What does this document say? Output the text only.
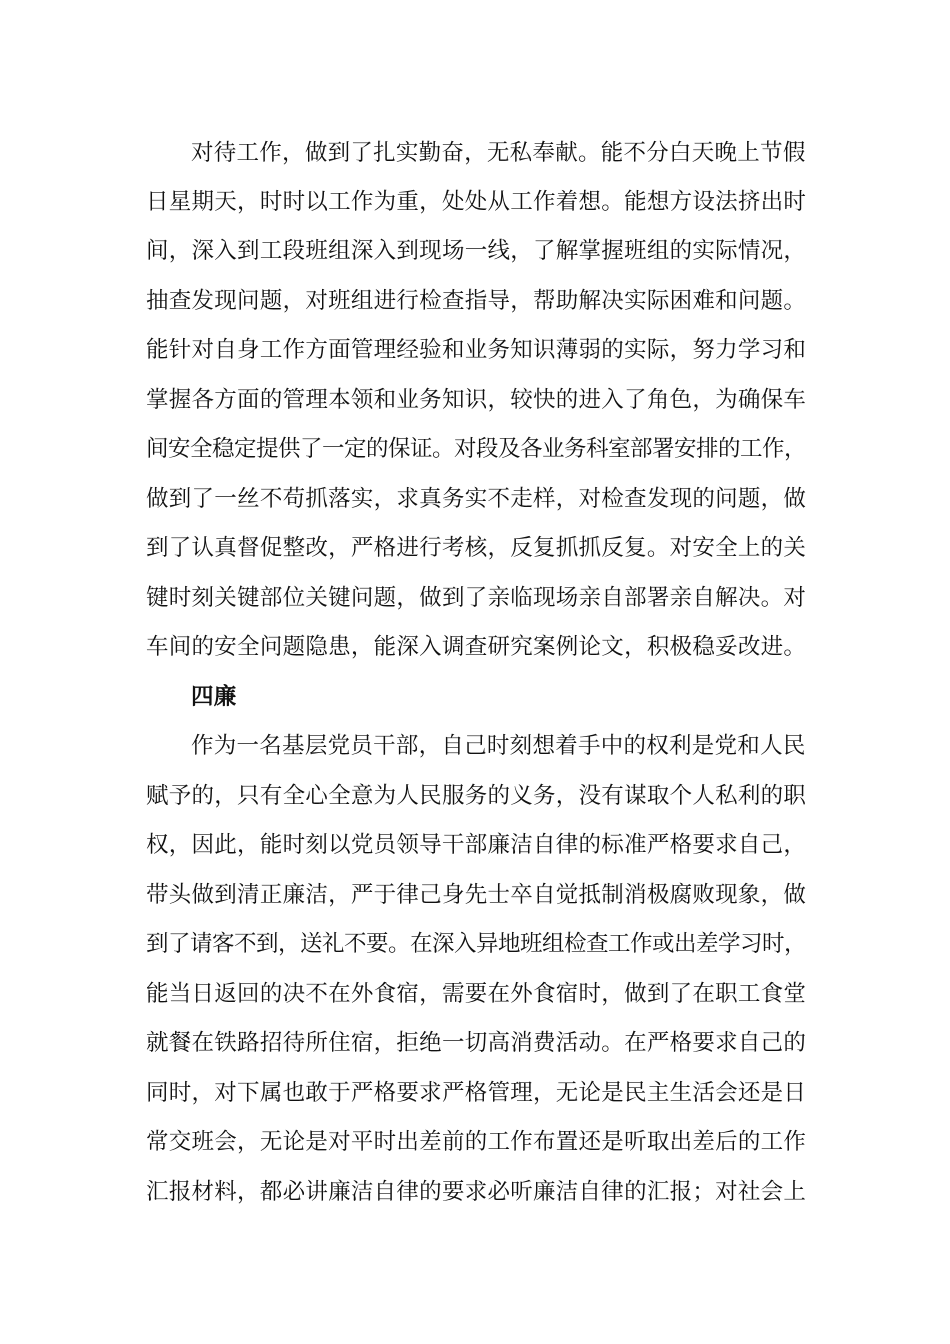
对待工作，做到了扎实勤奋，无私奉献。能不分白天晚上节假
日星期天，时时以工作为重，处处从工作着想。能想方设法挤出时
间，深入到工段班组深入到现场一线，了解掌握班组的实际情况，
抽查发现问题，对班组进行检查指导，帮助解决实际困难和问题。
能针对自身工作方面管理经验和业务知识薄弱的实际，努力学习和
掌握各方面的管理本领和业务知识，较快的进入了角色，为确保车
间安全稳定提供了一定的保证。对段及各业务科室部署安排的工作，
做到了一丝不苟抓落实，求真务实不走样，对检查发现的问题，做
到了认真督促整改，严格进行考核，反复抓抓反复。对安全上的关
键时刻关键部位关键问题，做到了亲临现场亲自部署亲自解决。对
车间的安全问题隐患，能深入调查研究案例论文，积极稳妥改进。
四廉
作为一名基层党员干部，自己时刻想着手中的权利是党和人民
赋予的，只有全心全意为人民服务的义务，没有谋取个人私利的职
权，因此，能时刻以党员领导干部廉洁自律的标准严格要求自己，
带头做到清正廉洁，严于律己身先士卒自觉抵制消极腐败现象，做
到了请客不到，送礼不要。在深入异地班组检查工作或出差学习时，
能当日返回的决不在外食宿，需要在外食宿时，做到了在职工食堂
就餐在铁路招待所住宿，拒绝一切高消费活动。在严格要求自己的
同时，对下属也敢于严格要求严格管理，无论是民主生活会还是日
常交班会，无论是对平时出差前的工作布置还是听取出差后的工作
汇报材料，都必讲廉洁自律的要求必听廉洁自律的汇报；对社会上
